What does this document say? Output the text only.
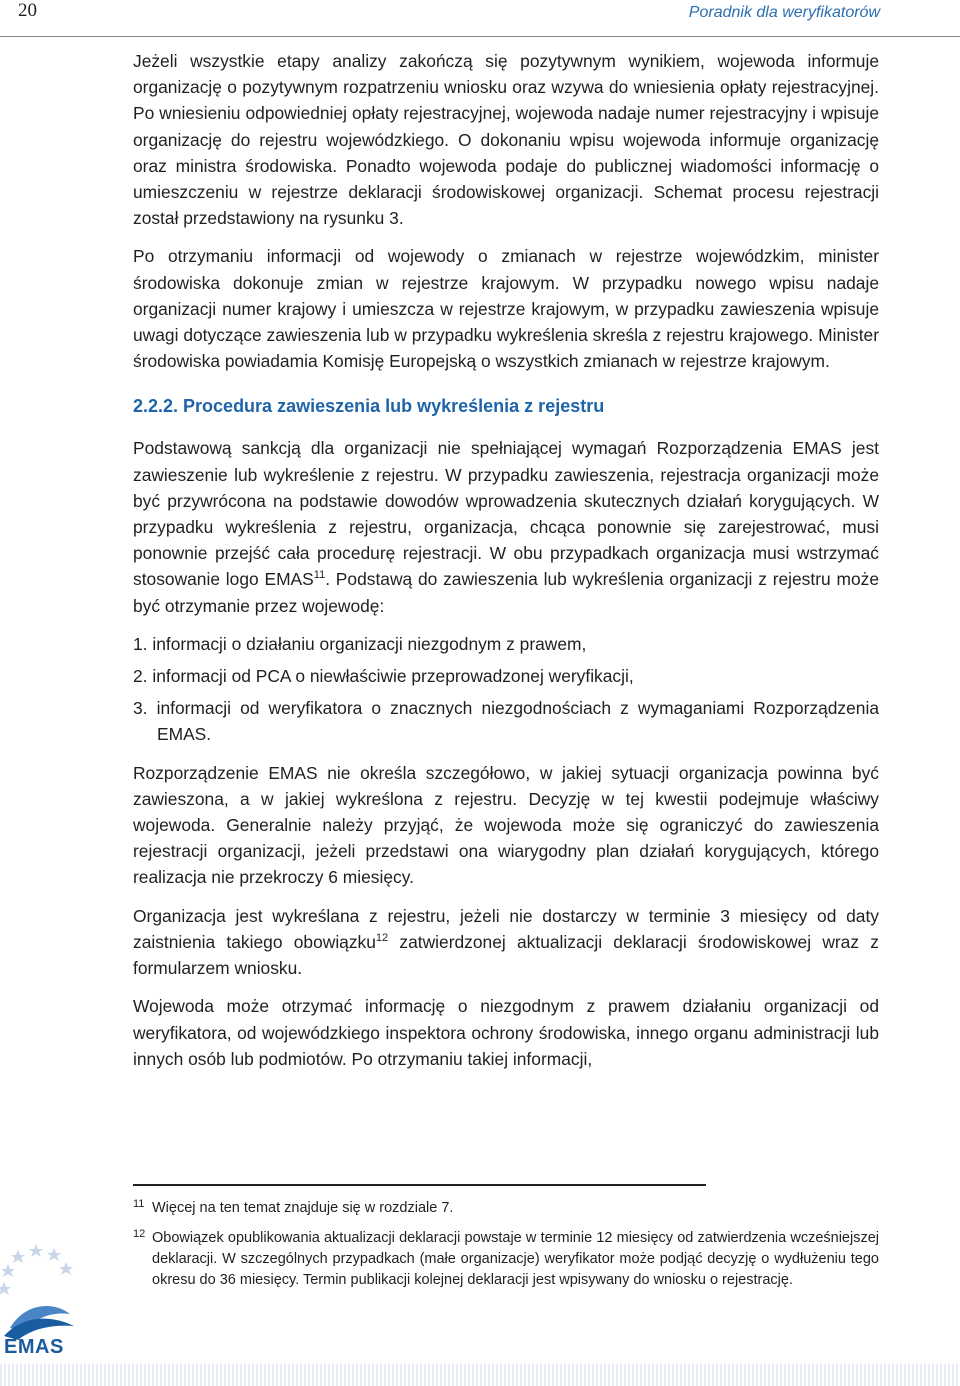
20	Poradnik dla weryfikatorów

Jeżeli wszystkie etapy analizy zakończą się pozytywnym wynikiem, wojewoda informuje organizację o pozytywnym rozpatrzeniu wniosku oraz wzywa do wniesienia opłaty rejestracyjnej. Po wniesieniu odpowiedniej opłaty rejestracyjnej, wojewoda nadaje numer rejestracyjny i wpisuje organizację do rejestru wojewódzkiego. O dokonaniu wpisu wojewoda informuje organizację oraz ministra środowiska. Ponadto wojewoda podaje do publicznej wiadomości informację o umieszczeniu w rejestrze deklaracji środowiskowej organizacji. Schemat procesu rejestracji został przedstawiony na rysunku 3.

Po otrzymaniu informacji od wojewody o zmianach w rejestrze wojewódzkim, minister środowiska dokonuje zmian w rejestrze krajowym. W przypadku nowego wpisu nadaje organizacji numer krajowy i umieszcza w rejestrze krajowym, w przypadku zawieszenia wpisuje uwagi dotyczące zawieszenia lub w przypadku wykreślenia skreśla z rejestru krajowego. Minister środowiska powiadamia Komisję Europejską o wszystkich zmianach w rejestrze krajowym.

2.2.2. Procedura zawieszenia lub wykreślenia z rejestru

Podstawową sankcją dla organizacji nie spełniającej wymagań Rozporządzenia EMAS jest zawieszenie lub wykreślenie z rejestru. W przypadku zawieszenia, rejestracja organizacji może być przywrócona na podstawie dowodów wprowadzenia skutecznych działań korygujących. W przypadku wykreślenia z rejestru, organizacja, chcąca ponownie się zarejestrować, musi ponownie przejść cała procedurę rejestracji. W obu przypadkach organizacja musi wstrzymać stosowanie logo EMAS$^{11}$. Podstawą do zawieszenia lub wykreślenia organizacji z rejestru może być otrzymanie przez wojewodę:

1. informacji o działaniu organizacji niezgodnym z prawem,
2. informacji od PCA o niewłaściwie przeprowadzonej weryfikacji,
3. informacji od weryfikatora o znacznych niezgodnościach z wymaganiami Rozporządzenia EMAS.

Rozporządzenie EMAS nie określa szczegółowo, w jakiej sytuacji organizacja powinna być zawieszona, a w jakiej wykreślona z rejestru. Decyzję w tej kwestii podejmuje właściwy wojewoda. Generalnie należy przyjąć, że wojewoda może się ograniczyć do zawieszenia rejestracji organizacji, jeżeli przedstawi ona wiarygodny plan działań korygujących, którego realizacja nie przekroczy 6 miesięcy.

Organizacja jest wykreślana z rejestru, jeżeli nie dostarczy w terminie 3 miesięcy od daty zaistnienia takiego obowiązku$^{12}$ zatwierdzonej aktualizacji deklaracji środowiskowej wraz z formularzem wniosku.

Wojewoda może otrzymać informację o niezgodnym z prawem działaniu organizacji od weryfikatora, od wojewódzkiego inspektora ochrony środowiska, innego organu administracji lub innych osób lub podmiotów. Po otrzymaniu takiej informacji,

11 Więcej na ten temat znajduje się w rozdziale 7.
12 Obowiązek opublikowania aktualizacji deklaracji powstaje w terminie 12 miesięcy od zatwierdzenia wcześniejszej deklaracji. W szczególnych przypadkach (małe organizacje) weryfikator może podjąć decyzję o wydłużeniu tego okresu do 36 miesięcy. Termin publikacji kolejnej deklaracji jest wpisywany do wniosku o rejestrację.
EMAS
